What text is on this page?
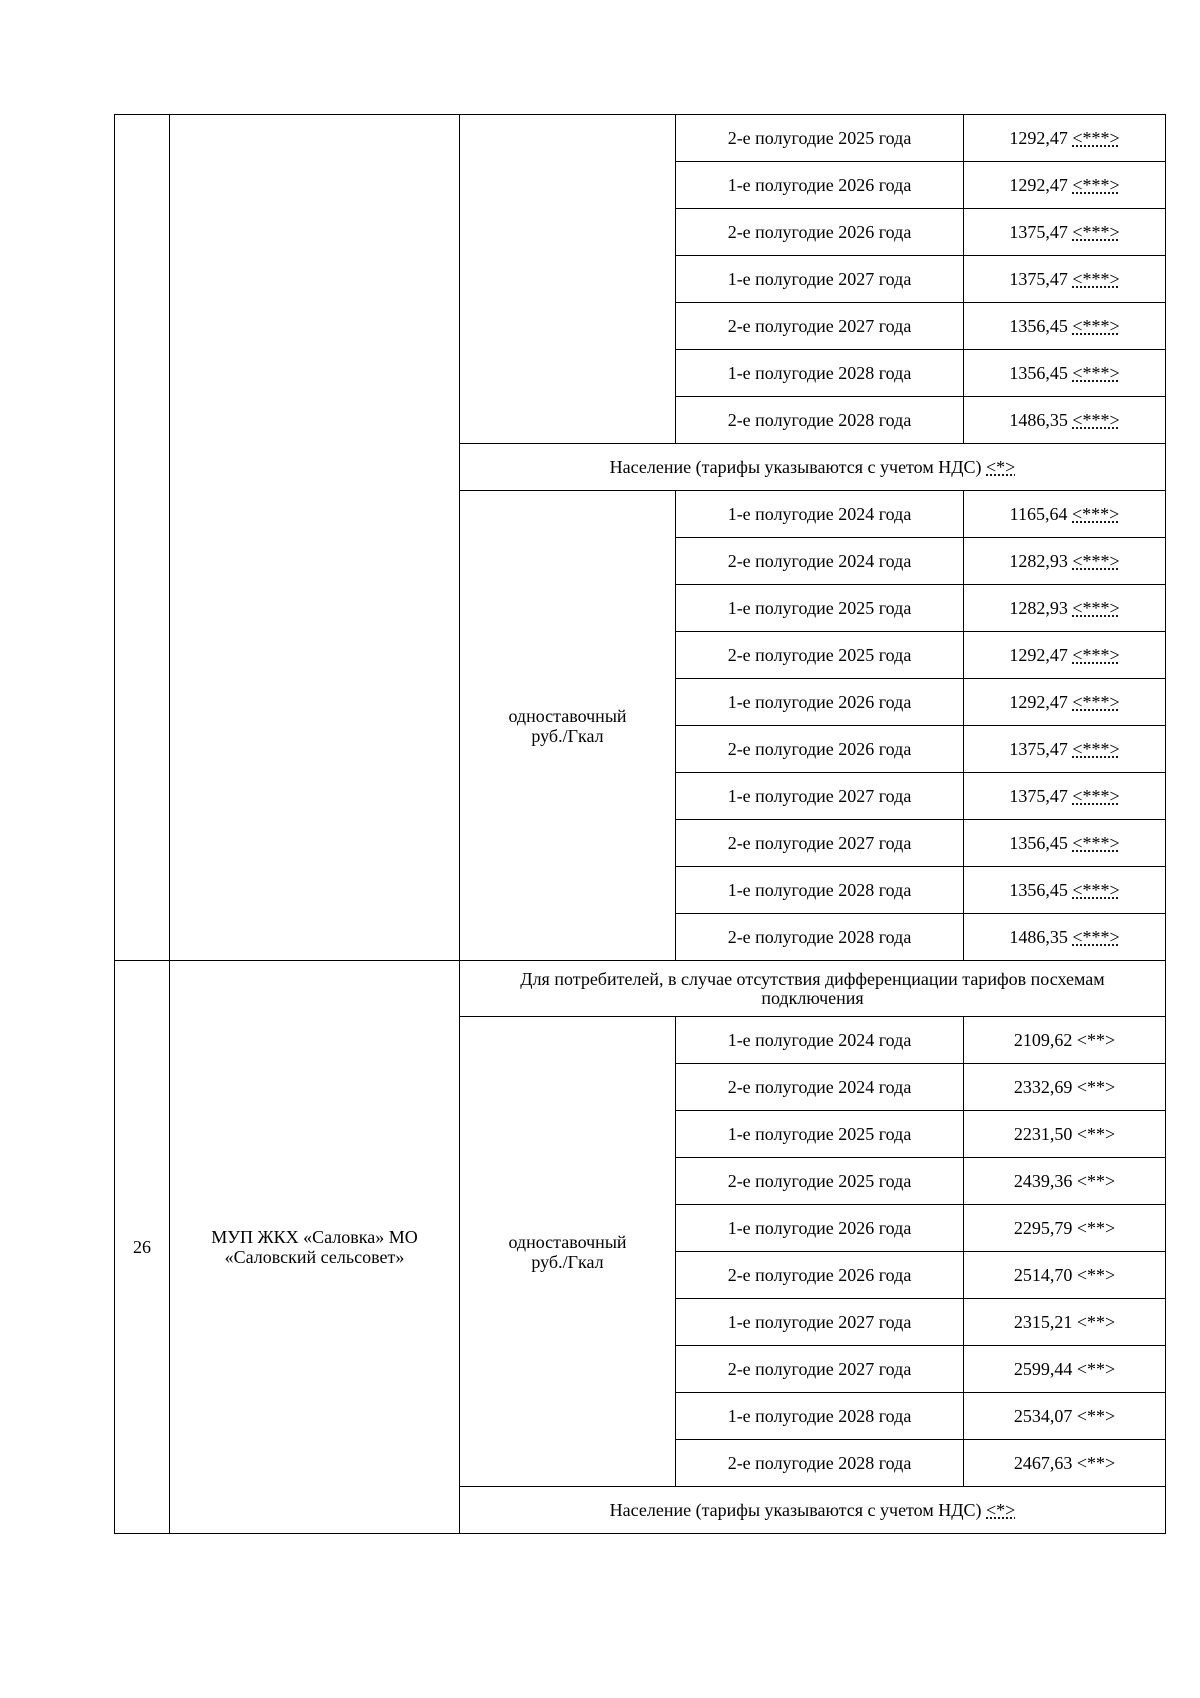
			2-е полугодие 2025 года	1292,47 <***>
			1-е полугодие 2026 года	1292,47 <***>
			2-е полугодие 2026 года	1375,47 <***>
			1-е полугодие 2027 года	1375,47 <***>
			2-е полугодие 2027 года	1356,45 <***>
			1-е полугодие 2028 года	1356,45 <***>
			2-е полугодие 2028 года	1486,35 <***>
		Население (тарифы указываются с учетом НДС) <*>		
		одноставочный руб./Гкал	1-е полугодие 2024 года	1165,64 <***>
			2-е полугодие 2024 года	1282,93 <***>
			1-е полугодие 2025 года	1282,93 <***>
			2-е полугодие 2025 года	1292,47 <***>
			1-е полугодие 2026 года	1292,47 <***>
			2-е полугодие 2026 года	1375,47 <***>
			1-е полугодие 2027 года	1375,47 <***>
			2-е полугодие 2027 года	1356,45 <***>
			1-е полугодие 2028 года	1356,45 <***>
			2-е полугодие 2028 года	1486,35 <***>
26	МУП ЖКХ «Саловка» МО «Саловский сельсовет»	Для потребителей, в случае отсутствия дифференциации тарифов посхемам подключения		
		одноставочный руб./Гкал	1-е полугодие 2024 года	2109,62 <**>
			2-е полугодие 2024 года	2332,69 <**>
			1-е полугодие 2025 года	2231,50 <**>
			2-е полугодие 2025 года	2439,36 <**>
			1-е полугодие 2026 года	2295,79 <**>
			2-е полугодие 2026 года	2514,70 <**>
			1-е полугодие 2027 года	2315,21 <**>
			2-е полугодие 2027 года	2599,44 <**>
			1-е полугодие 2028 года	2534,07 <**>
			2-е полугодие 2028 года	2467,63 <**>
		Население (тарифы указываются с учетом НДС) <*>		
